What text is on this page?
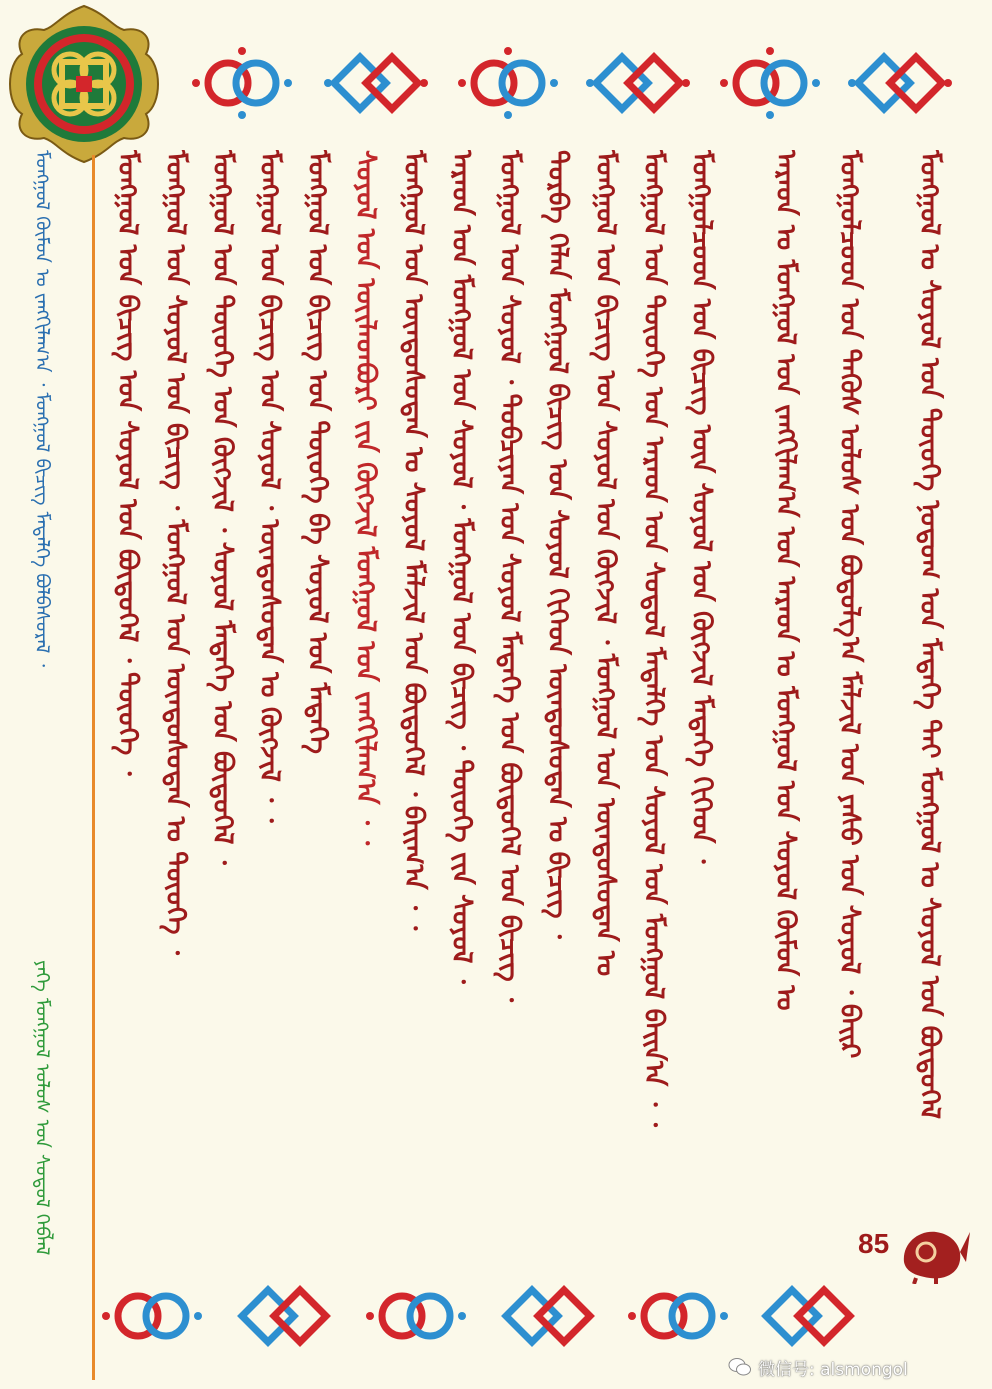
ᠮᠣᠩᠭᠣᠯ ᠬᠦᠮᠦᠨ ᠤ ᠵᠠᠩᠬᠢᠯᠠᠭ᠎ᠠ ᠂ ᠮᠣᠩᠭᠣᠯ ᠪᠢᠴᠢᠭ ᠮᠡᠳᠡᠯᠭᠡ ᠪᠣᠯᠪᠠᠰᠤᠷᠠᠯ ᠂
ᠶᠡᠬᠡ ᠮᠣᠩᠭᠣᠯ ᠤᠯᠤᠰ ᠤᠨ ᠰᠤᠳᠤᠯ ᠬᠡᠪᠯᠡᠯ
ᠮᠣᠩᠭᠣᠯ ᠤᠨ ᠪᠢᠴᠢᠭ ᠤᠨ ᠰᠤᠶᠤᠯ ᠤᠨ ᠪᠦᠲᠦᠭᠡᠯ ᠂ ᠲᠦᠦᠬᠡ ᠂ ᠮᠣᠩᠭᠣᠯ ᠤᠨ ᠰᠤᠶᠤᠯ ᠤᠨ ᠪᠢᠴᠢᠭ ᠂ ᠮᠣᠩᠭᠣᠯ ᠤᠨ ᠦᠨᠳᠦᠰᠦᠲᠡᠨ ᠤ ᠲᠦᠦᠬᠡ ᠂ ᠮᠣᠩᠭᠣᠯ ᠤᠨ ᠲᠦᠦᠬᠡ ᠤᠨ ᠬᠥᠭᠵᠢᠯ ᠂ ᠰᠤᠶᠤᠯ ᠮᠡᠳᠡᠭᠡ ᠤᠨ ᠪᠦᠲᠦᠭᠡᠯ ᠂ ᠮᠣᠩᠭᠣᠯ ᠤᠨ ᠪᠢᠴᠢᠭ ᠤᠨ ᠰᠤᠶᠤᠯ ᠂ ᠦᠨᠳᠦᠰᠦᠲᠡᠨ ᠤ ᠬᠥᠭᠵᠢᠯ ᠂ ᠂ ᠮᠣᠩᠭᠣᠯ ᠤᠨ ᠪᠢᠴᠢᠭ ᠤᠨ ᠲᠦᠦᠬᠡ ᠪᠠ ᠰᠤᠶᠤᠯ ᠤᠨ ᠮᠡᠳᠡᠭᠡ ᠰᠤᠶᠤᠯ ᠤᠨ ᠦᠢᠯᠡᠳᠪᠦᠷᠢ ᠵᠢᠨ ᠬᠥᠭᠵᠢᠯ ᠮᠣᠩᠭᠣᠯ ᠤᠨ ᠵᠠᠩᠬᠢᠯᠠᠭ᠎ᠠ ᠂ ᠂ ᠮᠣᠩᠭᠣᠯ ᠤᠨ ᠦᠨᠳᠦᠰᠦᠲᠡᠨ ᠤ ᠰᠤᠶᠤᠯ ᠮᠠᠯᠵᠢᠯ ᠤᠨ ᠪᠦᠲᠦᠭᠡᠯ ᠂ ᠪᠠᠢᠭ᠎ᠠ ᠂ ᠂ ᠠᠷᠠᠳ ᠤᠨ ᠮᠣᠩᠭᠣᠯ ᠤᠨ ᠰᠤᠶᠤᠯ ᠂ ᠮᠣᠩᠭᠣᠯ ᠤᠨ ᠪᠢᠴᠢᠭ ᠂ ᠲᠦᠦᠬᠡ ᠵᠢᠨ ᠰᠤᠶᠤᠯ ᠂ ᠮᠣᠩᠭᠣᠯ ᠤᠨ ᠰᠤᠶᠤᠯ ᠂ ᠲᠣᠪᠴᠢᠶᠠᠨ ᠤᠨ ᠰᠣᠶᠣᠯ ᠮᠡᠳᠡᠭᠡ ᠤᠨ ᠪᠦᠲᠦᠭᠡᠯ ᠤᠨ ᠪᠢᠴᠢᠭ ᠂ ᠲᠤᠷᠪᠠ ᠬᠡᠯᠡᠨ ᠮᠣᠩᠭᠣᠯ ᠪᠢᠴᠢᠭ ᠤᠨ ᠰᠤᠶᠤᠯ ᠬᠢᠭᠡᠳ ᠦᠨᠳᠦᠰᠦᠲᠡᠨ ᠤ ᠪᠢᠴᠢᠭ ᠂ ᠮᠣᠩᠭᠣᠯ ᠤᠨ ᠪᠢᠴᠢᠭ ᠤᠨ ᠰᠤᠶᠤᠯ ᠤᠨ ᠬᠥᠭᠵᠢᠯ ᠂ ᠮᠣᠩᠭᠣᠯ ᠤᠨ ᠦᠨᠳᠦᠰᠦᠲᠡᠨ ᠤ ᠮᠣᠩᠭᠣᠯ ᠤᠨ ᠲᠦᠦᠬᠡ ᠤᠨ ᠠᠷᠠᠳ ᠤᠨ ᠰᠤᠳᠤᠯ ᠮᠡᠳᠡᠯᠭᠡ ᠤᠨ ᠰᠤᠶᠤᠯ ᠤᠨ ᠮᠣᠩᠭᠣᠯ ᠪᠠᠢᠨ᠎ᠠ ᠂ ᠂ ᠮᠣᠩᠭᠣᠯᠴᠤᠳ ᠤᠨ ᠪᠢᠴᠢᠭ ᠦᠨ ᠰᠣᠶᠣᠯ ᠤᠨ ᠬᠥᠭᠵᠢᠯ ᠮᠡᠳᠡᠭᠡ ᠬᠢᠭᠡᠳ ᠂ ᠠᠷᠠᠳ ᠤ ᠮᠣᠩᠭᠣᠯ ᠤᠨ ᠵᠠᠩᠬᠢᠯᠠᠭ᠎ᠠ ᠤᠨ ᠠᠷᠠᠳ ᠤ ᠮᠣᠩᠭᠣᠯ ᠤᠨ ᠰᠤᠶᠤᠯ ᠬᠦᠮᠦᠨ ᠤ ᠮᠣᠩᠭᠣᠯᠴᠤᠳ ᠤᠨ ᠲᠡᠭᠦᠰ ᠤᠯᠤᠰ ᠤᠨ ᠪᠣᠳᠣᠯᠭ᠎ᠠ ᠮᠠᠯᠵᠢᠯ ᠤᠨ ᠶᠠᠰᠤ ᠤᠨ ᠰᠤᠶᠤᠯ ᠂ ᠪᠠᠢᠷ ᠮᠣᠩᠭᠣᠯ ᠤ ᠰᠤᠶᠤᠯ ᠤᠨ ᠲᠦᠦᠬᠡ ᠨᠤᠲᠤᠭ ᠤᠨ ᠮᠡᠳᠡᠭᠡ ᠲᠡᠢ ᠮᠣᠩᠭᠣᠯ ᠤ ᠰᠤᠶᠤᠯ ᠤᠨ ᠪᠦᠲᠦᠭᠡᠯ
85
微信号: alsmongol
